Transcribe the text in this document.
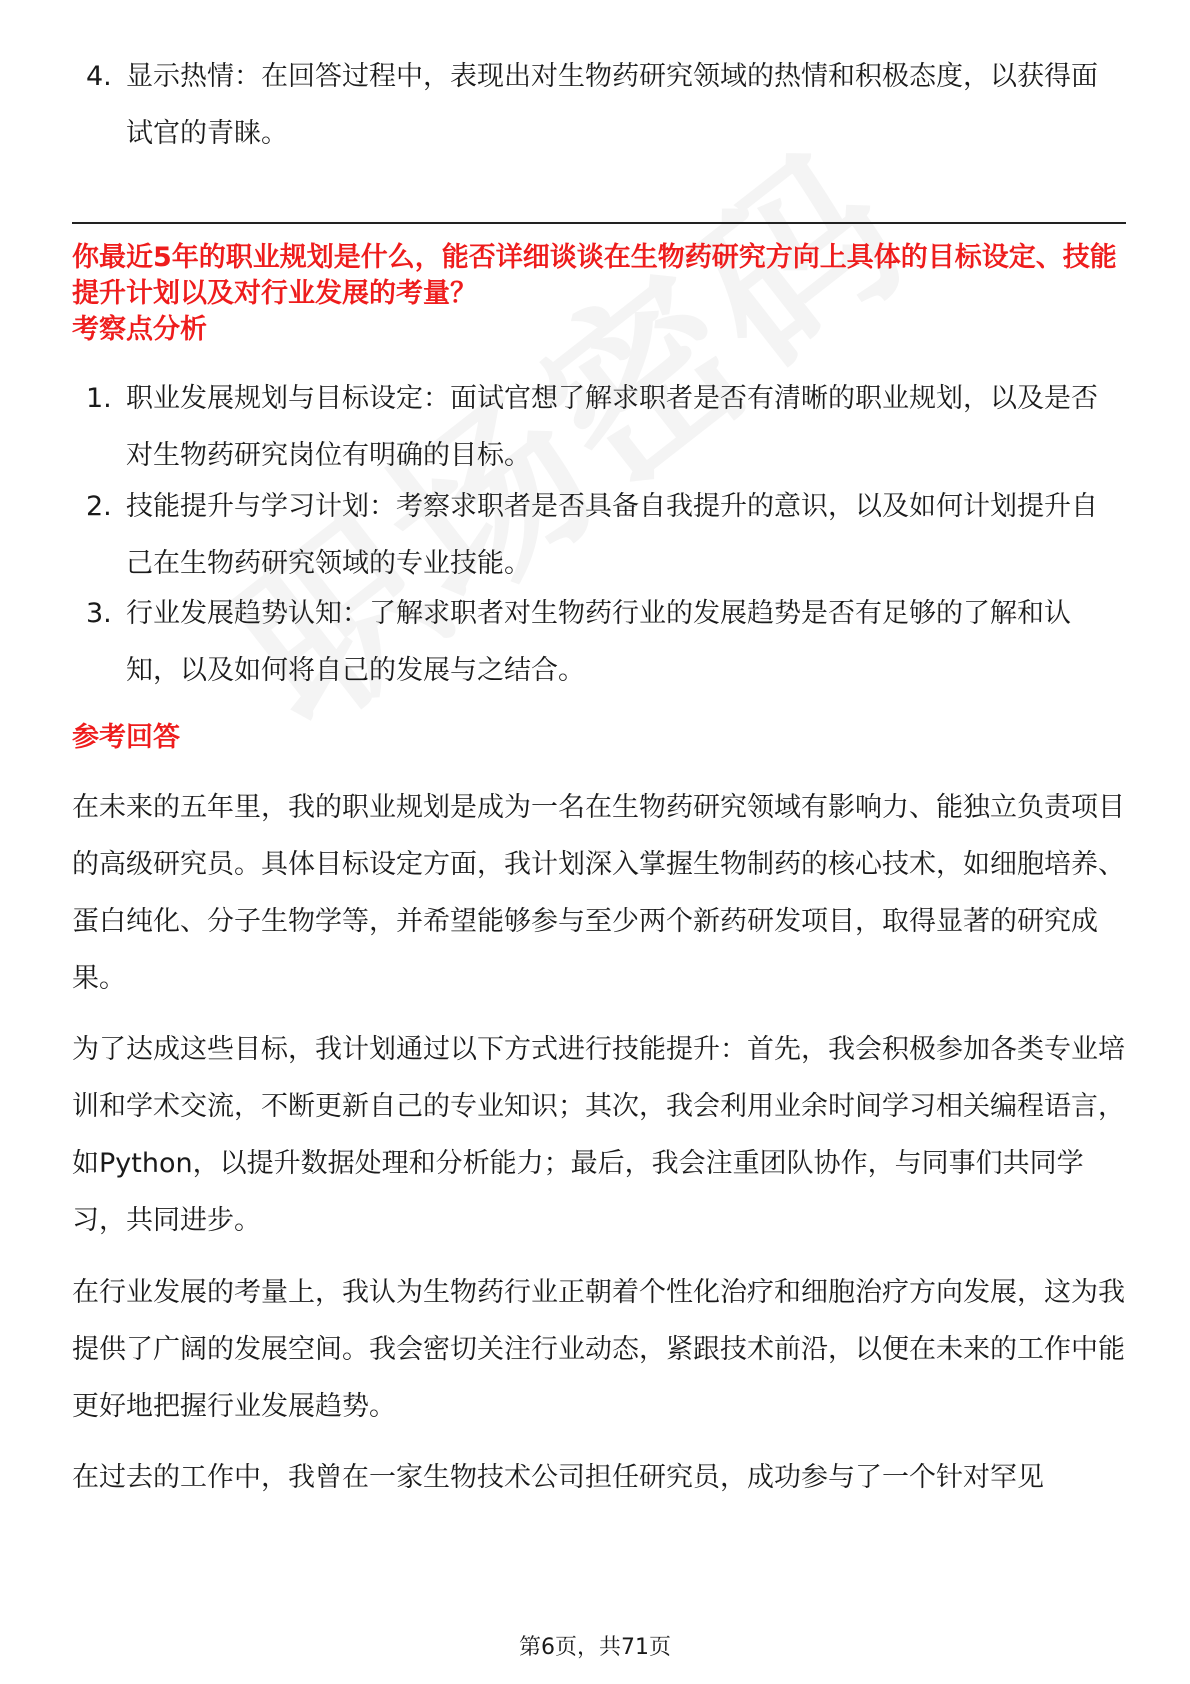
4. 显示热情：在回答过程中，表现出对生物药研究领域的热情和积极态度，以获得面试官的青睐。
你最近5年的职业规划是什么，能否详细谈谈在生物药研究方向上具体的目标设定、技能提升计划以及对行业发展的考量？
考察点分析
1. 职业发展规划与目标设定：面试官想了解求职者是否有清晰的职业规划，以及是否对生物药研究岗位有明确的目标。
2. 技能提升与学习计划：考察求职者是否具备自我提升的意识，以及如何计划提升自己在生物药研究领域的专业技能。
3. 行业发展趋势认知：了解求职者对生物药行业的发展趋势是否有足够的了解和认知，以及如何将自己的发展与之结合。
参考回答
在未来的五年里，我的职业规划是成为一名在生物药研究领域有影响力、能独立负责项目的高级研究员。具体目标设定方面，我计划深入掌握生物制药的核心技术，如细胞培养、蛋白纯化、分子生物学等，并希望能够参与至少两个新药研发项目，取得显著的研究成果。
为了达成这些目标，我计划通过以下方式进行技能提升：首先，我会积极参加各类专业培训和学术交流，不断更新自己的专业知识；其次，我会利用业余时间学习相关编程语言，如Python，以提升数据处理和分析能力；最后，我会注重团队协作，与同事们共同学习，共同进步。
在行业发展的考量上，我认为生物药行业正朝着个性化治疗和细胞治疗方向发展，这为我提供了广阔的发展空间。我会密切关注行业动态，紧跟技术前沿，以便在未来的工作中能更好地把握行业发展趋势。
在过去的工作中，我曾在一家生物技术公司担任研究员，成功参与了一个针对罕见
第6页，共71页
